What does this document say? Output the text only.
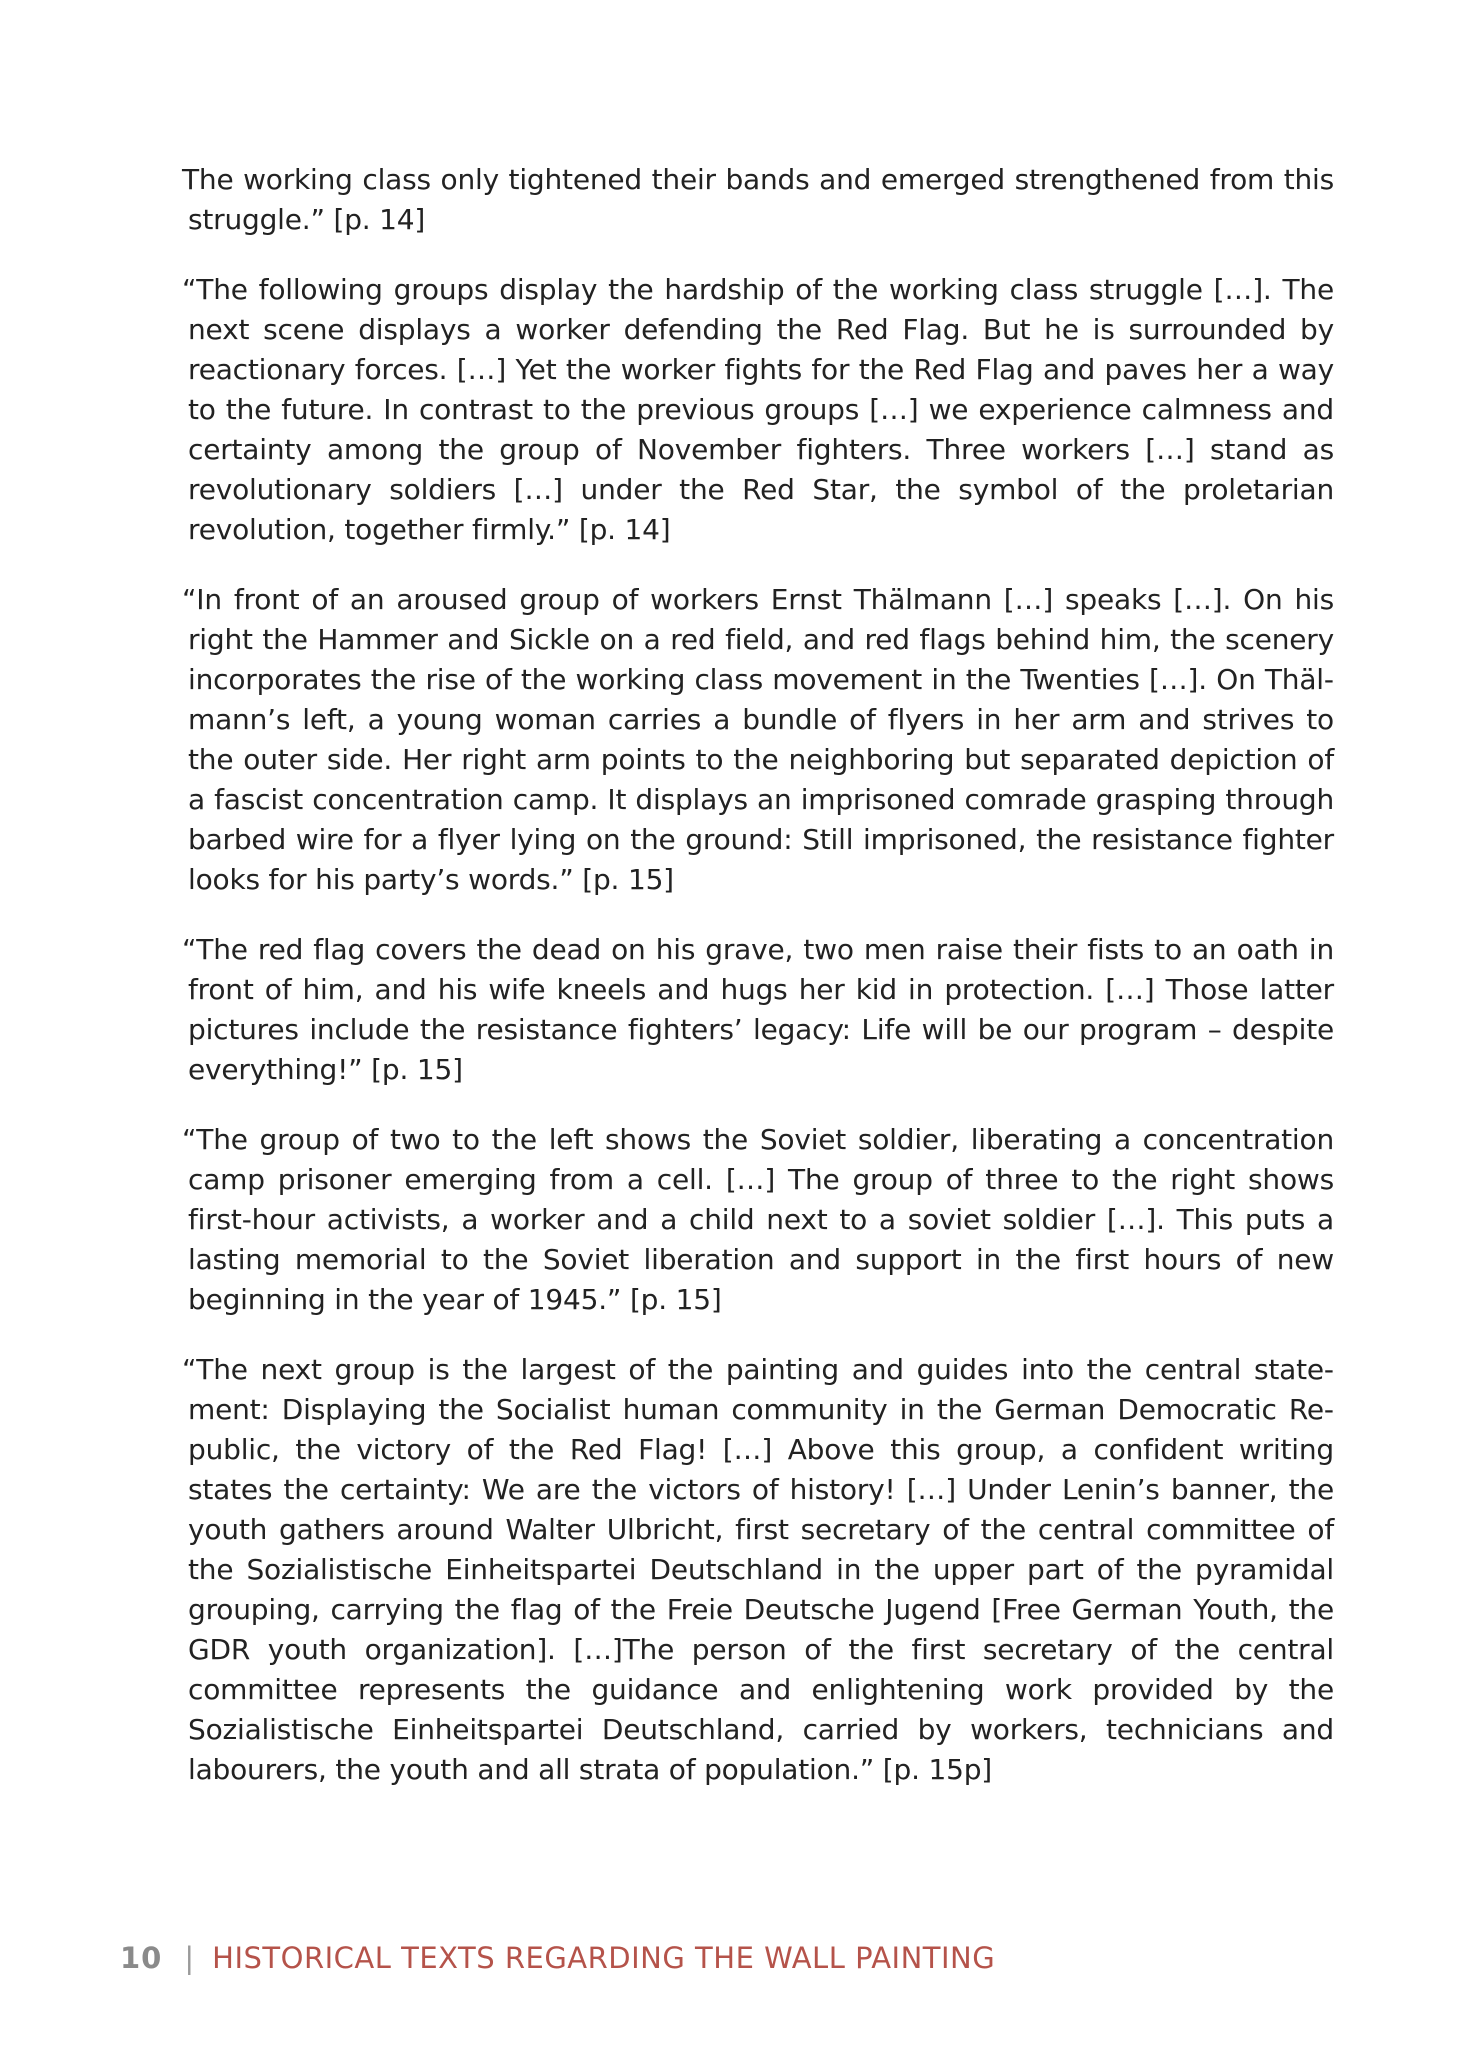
The working class only tightened their bands and emerged strengthened from this struggle.” [p. 14]

“The following groups display the hardship of the working class struggle […]. The next scene displays a worker defending the Red Flag. But he is surrounded by reactionary forces. […] Yet the worker fights for the Red Flag and paves her a way to the future. In contrast to the previous groups […] we experience calmness and certainty among the group of November fighters. Three workers […] stand as revolutionary soldiers […] under the Red Star, the symbol of the proletarian revolution, together firmly.” [p. 14]

“In front of an aroused group of workers Ernst Thälmann […] speaks […]. On his right the Hammer and Sickle on a red field, and red flags behind him, the scenery incorporates the rise of the working class movement in the Twenties […]. On Thälmann’s left, a young woman carries a bundle of flyers in her arm and strives to the outer side. Her right arm points to the neighboring but separated depiction of a fascist concentration camp. It displays an imprisoned comrade grasping through barbed wire for a flyer lying on the ground: Still imprisoned, the resistance fighter looks for his party’s words.” [p. 15]

“The red flag covers the dead on his grave, two men raise their fists to an oath in front of him, and his wife kneels and hugs her kid in protection. […] Those latter pictures include the resistance fighters’ legacy: Life will be our program – despite everything!” [p. 15]

“The group of two to the left shows the Soviet soldier, liberating a concentration camp prisoner emerging from a cell. […] The group of three to the right shows first-hour activists, a worker and a child next to a soviet soldier […]. This puts a lasting memorial to the Soviet liberation and support in the first hours of new beginning in the year of 1945.” [p. 15]

“The next group is the largest of the painting and guides into the central statement: Displaying the Socialist human community in the German Democratic Republic, the victory of the Red Flag! […] Above this group, a confident writing states the certainty: We are the victors of history! […] Under Lenin’s banner, the youth gathers around Walter Ulbricht, first secretary of the central committee of the Sozialistische Einheitspartei Deutschland in the upper part of the pyramidal grouping, carrying the flag of the Freie Deutsche Jugend [Free German Youth, the GDR youth organization]. […]The person of the first secretary of the central committee represents the guidance and enlightening work provided by the Sozialistische Einheitspartei Deutschland, carried by workers, technicians and labourers, the youth and all strata of population.” [p. 15p]

10 | HISTORICAL TEXTS REGARDING THE WALL PAINTING
